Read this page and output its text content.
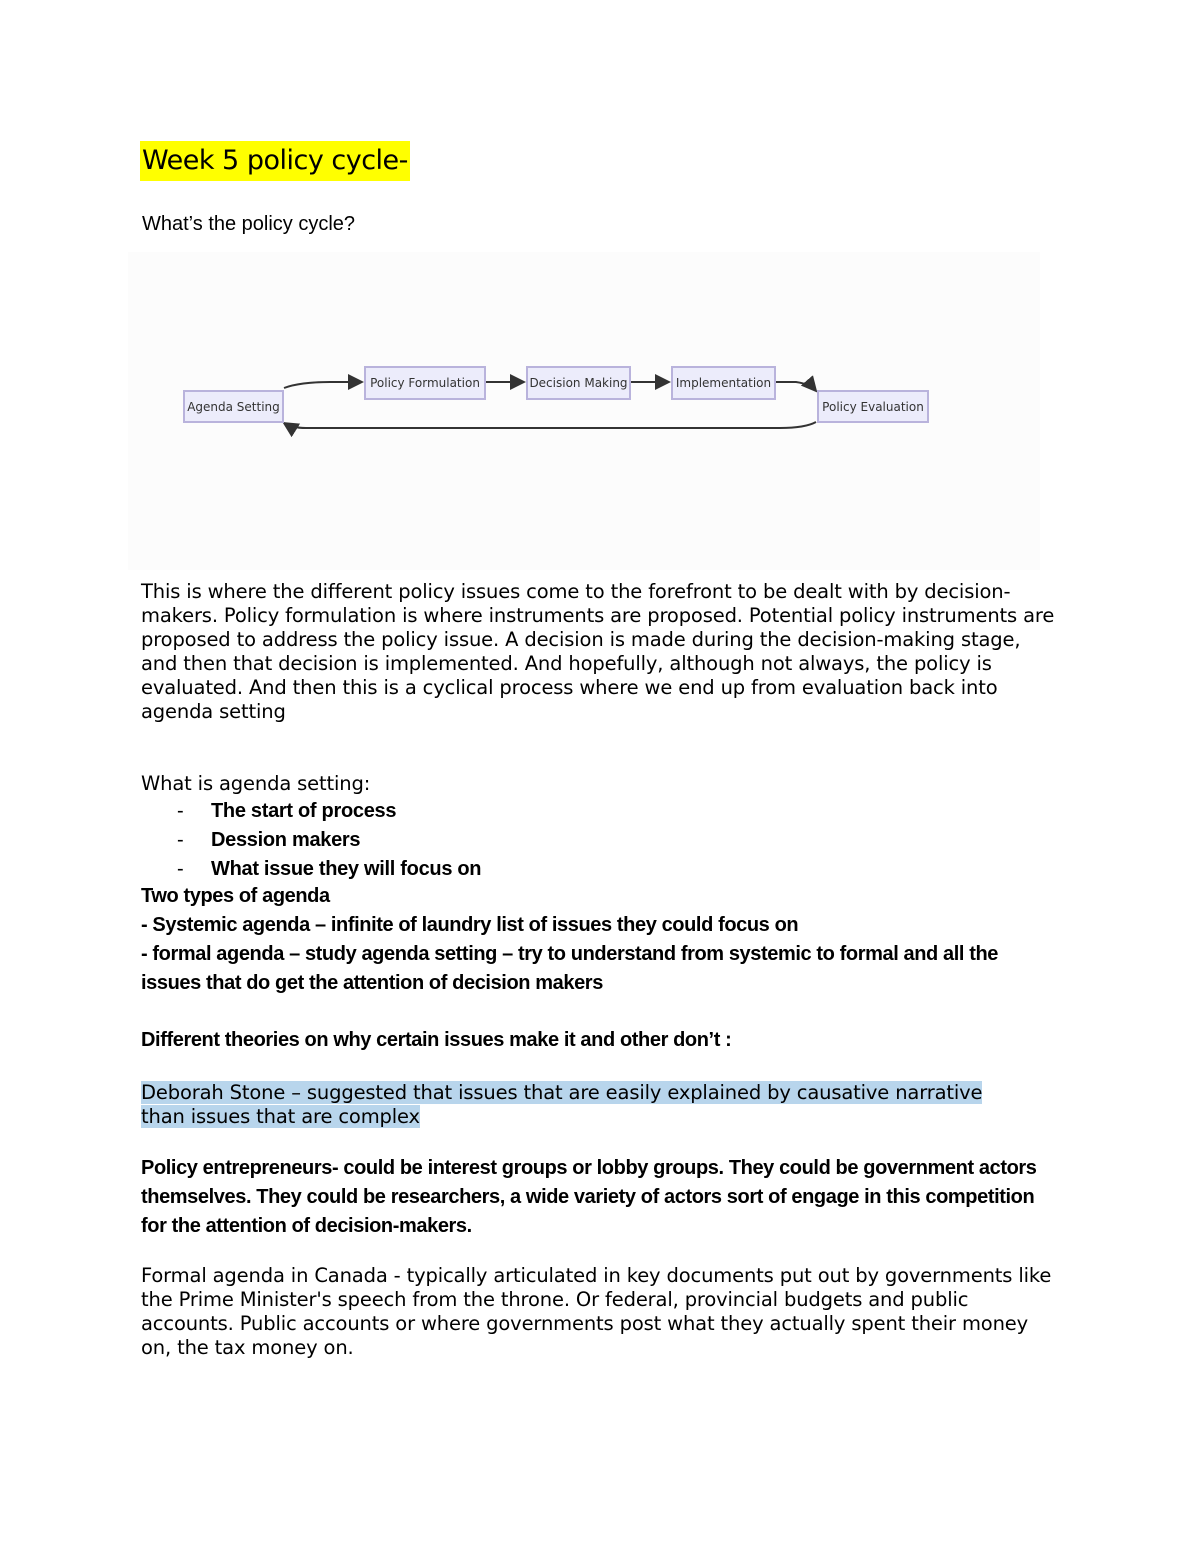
Week 5 policy cycle-
What’s the policy cycle?
Agenda Setting
Policy Formulation	Decision Making	Implementation
Policy Evaluation
This is where the different policy issues come to the forefront to be dealt with by decision-makers. Policy formulation is where instruments are proposed. Potential policy instruments are proposed to address the policy issue. A decision is made during the decision-making stage, and then that decision is implemented. And hopefully, although not always, the policy is evaluated. And then this is a cyclical process where we end up from evaluation back into agenda setting
What is agenda setting:
- The start of process
- Dession makers
- What issue they will focus on
Two types of agenda
- Systemic agenda – infinite of laundry list of issues they could focus on
- formal agenda – study agenda setting – try to understand from systemic to formal and all the issues that do get the attention of decision makers
Different theories on why certain issues make it and other don’t :
Deborah Stone – suggested that issues that are easily explained by causative narrative
than issues that are complex
Policy entrepreneurs- could be interest groups or lobby groups. They could be government actors themselves. They could be researchers, a wide variety of actors sort of engage in this competition for the attention of decision-makers.
Formal agenda in Canada - typically articulated in key documents put out by governments like the Prime Minister's speech from the throne. Or federal, provincial budgets and public accounts. Public accounts or where governments post what they actually spent their money on, the tax money on.
